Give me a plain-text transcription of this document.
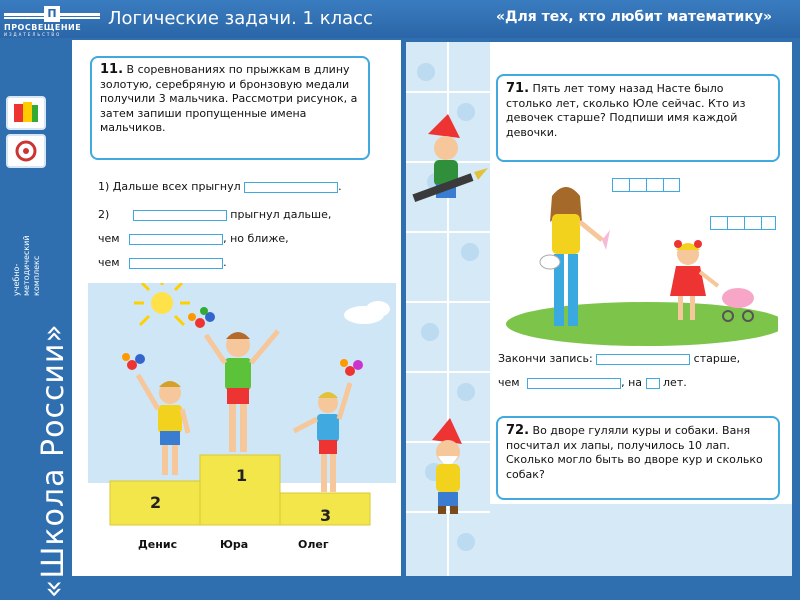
П
ПРОСВЕЩЕНИЕ
ИЗДАТЕЛЬСТВО
Логические задачи. 1 класс	«Для тех, кто любит математику»
учебно-методический комплекс
«Школа России»
11. В соревнованиях по прыжкам в длину золотую, серебряную и бронзовую медали получили 3 мальчика. Рассмотри рисунок, а затем запиши пропущенные имена мальчиков.
1) Дальше всех прыгнул	.
2)	прыгнул дальше,
чем	, но ближе,
чем	.
2
1
3
Денис	Юра	Олег
71. Пять лет тому назад Насте было столько лет, сколько Юле сейчас. Кто из девочек старше? Подпиши имя каждой девочки.
Закончи запись:	старше,
чем	, на лет.
72. Во дворе гуляли куры и собаки. Ваня посчитал их лапы, получилось 10 лап. Сколько могло быть во дворе кур и сколько собак?
